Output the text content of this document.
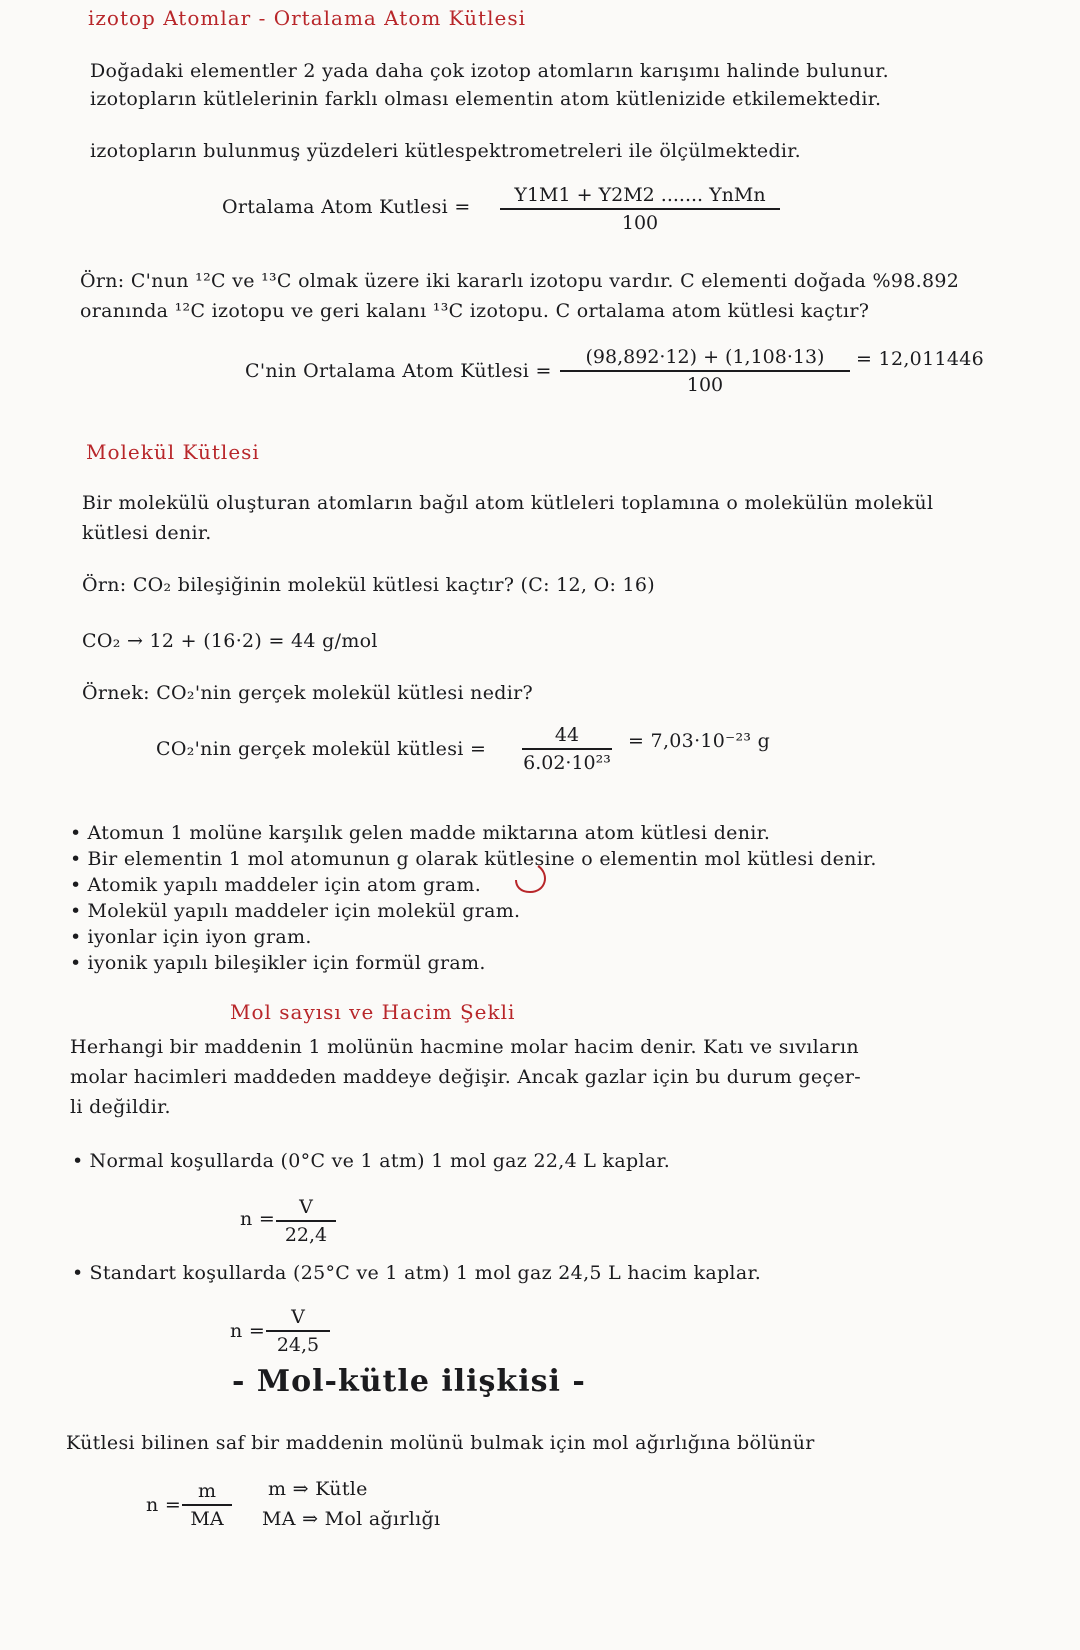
izotop Atomlar - Ortalama Atom Kütlesi
Doğadaki elementler 2 yada daha çok izotop atomların karışımı halinde bulunur.
izotopların kütlelerinin farklı olması elementin atom kütlenizide etkilemektedir.
izotopların bulunmuş yüzdeleri kütlespektrometreleri ile ölçülmektedir.
Ortalama Atom Kutlesi =
Y1M1 + Y2M2 ....... YnMn
100
Örn: C'nun ¹²C ve ¹³C olmak üzere iki kararlı izotopu vardır. C elementi doğada %98.892
oranında ¹²C izotopu ve geri kalanı ¹³C izotopu. C ortalama atom kütlesi kaçtır?
C'nin Ortalama Atom Kütlesi = $\frac{(98,892\cdot 12) + (1,108\cdot 13)}{100} = 12,011446$
Molekül Kütlesi
Bir molekülü oluşturan atomların bağıl atom kütleleri toplamına o molekülün molekül
kütlesi denir.
Örn: CO₂ bileşiğinin molekül kütlesi kaçtır? (C: 12, O: 16)
CO₂ → 12 + (16·2) = 44 g/mol
Örnek: CO₂'nin gerçek molekül kütlesi nedir?
CO₂'nin gerçek molekül kütlesi = $\frac{44}{\text{6.02·10²³}} = 7,03\cdot 10^{-23}$ g
• Atomun 1 molüne karşılık gelen madde miktarına atom kütlesi denir.
• Bir elementin 1 mol atomunun g olarak kütlesine o elementin mol kütlesi denir.
• Atomik yapılı maddeler için atom gram.
• Molekül yapılı maddeler için molekül gram.
• iyonlar için iyon gram.
• iyonik yapılı bileşikler için formül gram.
Mol sayısı ve Hacim Şekli
Herhangi bir maddenin 1 molünün hacmine molar hacim denir. Katı ve sıvıların
molar hacimleri maddeden maddeye değişir. Ancak gazlar için bu durum geçer-
li değildir.
• Normal koşullarda (0°C ve 1 atm) 1 mol gaz 22,4 L kaplar.
$n = \frac{V}{22,4}$
• Standart koşullarda (25°C ve 1 atm) 1 mol gaz 24,5 L hacim kaplar.
$n = \frac{V}{24,5}$
- Mol-kütle ilişkisi -
Kütlesi bilinen saf bir maddenin molünü bulmak için mol ağırlığına bölünür
$n = \frac{m}{MA}$ m ⇒ Kütle
MA ⇒ Mol ağırlığı
